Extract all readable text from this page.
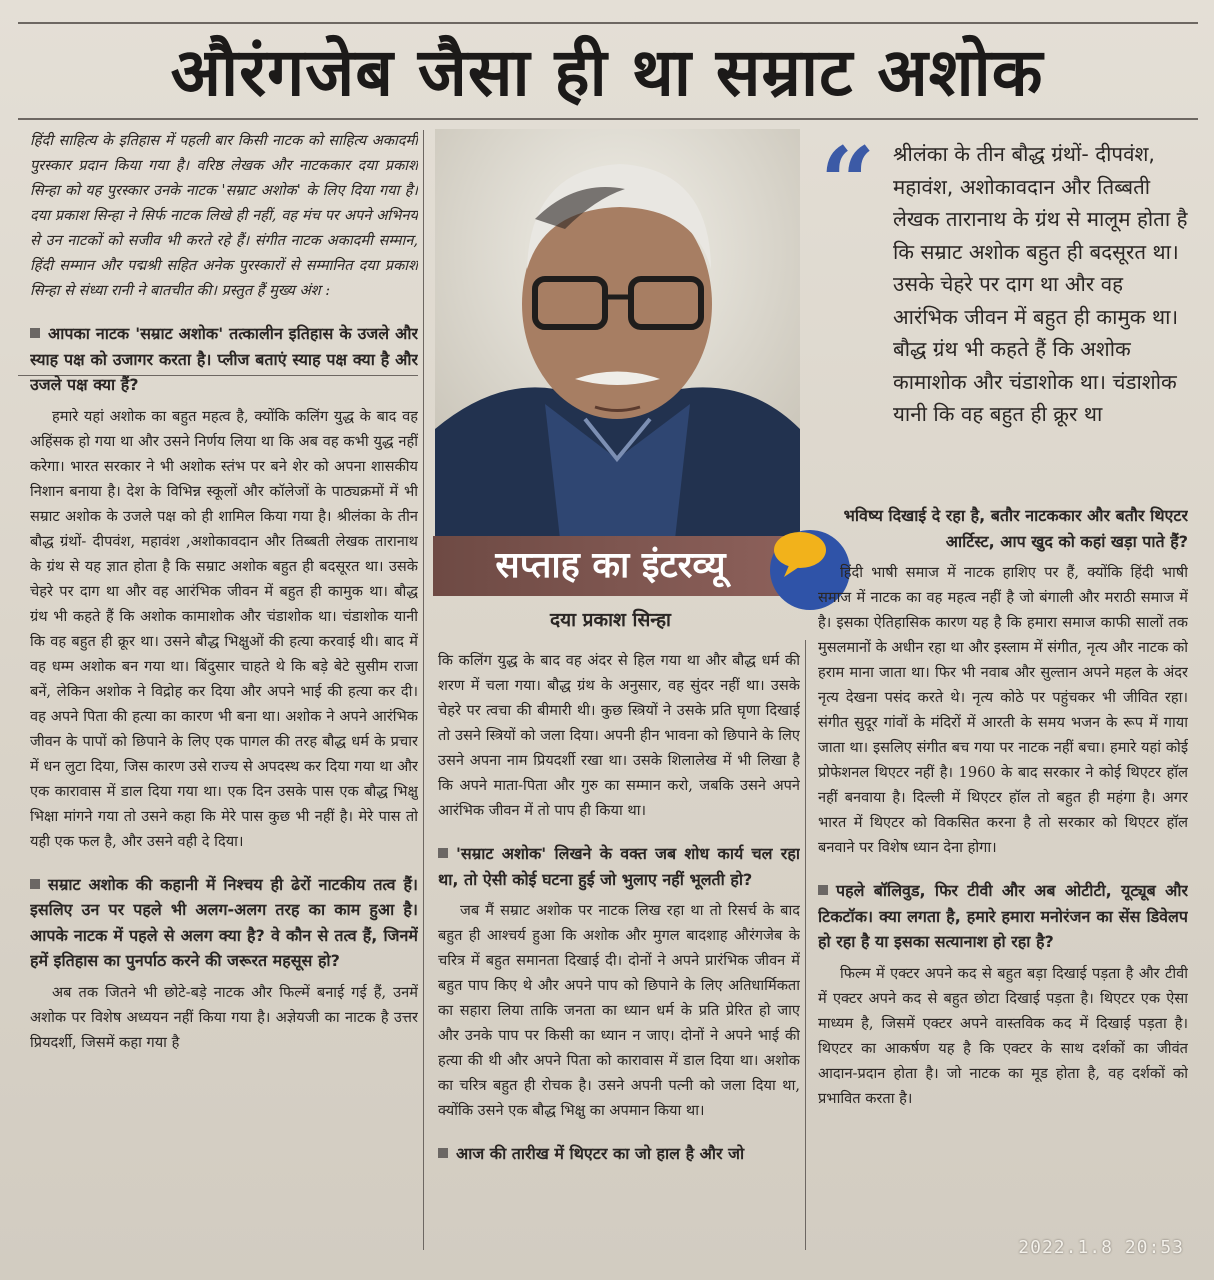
औरंगजेब जैसा ही था सम्राट अशोक

हिंदी साहित्य के इतिहास में पहली बार किसी नाटक को साहित्य अकादमी पुरस्कार प्रदान किया गया है। वरिष्ठ लेखक और नाटककार दया प्रकाश सिन्हा को यह पुरस्कार उनके नाटक 'सम्राट अशोक' के लिए दिया गया है। दया प्रकाश सिन्हा ने सिर्फ नाटक लिखे ही नहीं, वह मंच पर अपने अभिनय से उन नाटकों को सजीव भी करते रहे हैं। संगीत नाटक अकादमी सम्मान, हिंदी सम्मान और पद्मश्री सहित अनेक पुरस्कारों से सम्मानित दया प्रकाश सिन्हा से संध्या रानी ने बातचीत की। प्रस्तुत हैं मुख्य अंश :

आपका नाटक 'सम्राट अशोक' तत्कालीन इतिहास के उजले और स्याह पक्ष को उजागर करता है। प्लीज बताएं स्याह पक्ष क्या है और उजले पक्ष क्या हैं?

हमारे यहां अशोक का बहुत महत्व है, क्योंकि कलिंग युद्ध के बाद वह अहिंसक हो गया था और उसने निर्णय लिया था कि अब वह कभी युद्ध नहीं करेगा। भारत सरकार ने भी अशोक स्तंभ पर बने शेर को अपना शासकीय निशान बनाया है। देश के विभिन्न स्कूलों और कॉलेजों के पाठ्यक्रमों में भी सम्राट अशोक के उजले पक्ष को ही शामिल किया गया है। श्रीलंका के तीन बौद्ध ग्रंथों- दीपवंश, महावंश ,अशोकावदान और तिब्बती लेखक तारानाथ के ग्रंथ से यह ज्ञात होता है कि सम्राट अशोक बहुत ही बदसूरत था। उसके चेहरे पर दाग था और वह आरंभिक जीवन में बहुत ही कामुक था। बौद्ध ग्रंथ भी कहते हैं कि अशोक कामाशोक और चंडाशोक था। चंडाशोक यानी कि वह बहुत ही क्रूर था। उसने बौद्ध भिक्षुओं की हत्या करवाई थी। बाद में वह धम्म अशोक बन गया था। बिंदुसार चाहते थे कि बड़े बेटे सुसीम राजा बनें, लेकिन अशोक ने विद्रोह कर दिया और अपने भाई की हत्या कर दी। वह अपने पिता की हत्या का कारण भी बना था। अशोक ने अपने आरंभिक जीवन के पापों को छिपाने के लिए एक पागल की तरह बौद्ध धर्म के प्रचार में धन लुटा दिया, जिस कारण उसे राज्य से अपदस्थ कर दिया गया था और एक कारावास में डाल दिया गया था। एक दिन उसके पास एक बौद्ध भिक्षु भिक्षा मांगने गया तो उसने कहा कि मेरे पास कुछ भी नहीं है। मेरे पास तो यही एक फल है, और उसने वही दे दिया।

सम्राट अशोक की कहानी में निश्चय ही ढेरों नाटकीय तत्व हैं। इसलिए उन पर पहले भी अलग-अलग तरह का काम हुआ है। आपके नाटक में पहले से अलग क्या है? वे कौन से तत्व हैं, जिनमें हमें इतिहास का पुनर्पाठ करने की जरूरत महसूस हो?

अब तक जितने भी छोटे-बड़े नाटक और फिल्में बनाई गई हैं, उनमें अशोक पर विशेष अध्ययन नहीं किया गया है। अज्ञेयजी का नाटक है उत्तर प्रियदर्शी, जिसमें कहा गया है

सप्ताह का इंटरव्यू
दया प्रकाश सिन्हा

कि कलिंग युद्ध के बाद वह अंदर से हिल गया था और बौद्ध धर्म की शरण में चला गया। बौद्ध ग्रंथ के अनुसार, वह सुंदर नहीं था। उसके चेहरे पर त्वचा की बीमारी थी। कुछ स्त्रियों ने उसके प्रति घृणा दिखाई तो उसने स्त्रियों को जला दिया। अपनी हीन भावना को छिपाने के लिए उसने अपना नाम प्रियदर्शी रखा था। उसके शिलालेख में भी लिखा है कि अपने माता-पिता और गुरु का सम्मान करो, जबकि उसने अपने आरंभिक जीवन में तो पाप ही किया था।

'सम्राट अशोक' लिखने के वक्त जब शोध कार्य चल रहा था, तो ऐसी कोई घटना हुई जो भुलाए नहीं भूलती हो?

जब मैं सम्राट अशोक पर नाटक लिख रहा था तो रिसर्च के बाद बहुत ही आश्चर्य हुआ कि अशोक और मुगल बादशाह औरंगजेब के चरित्र में बहुत समानता दिखाई दी। दोनों ने अपने प्रारंभिक जीवन में बहुत पाप किए थे और अपने पाप को छिपाने के लिए अतिधार्मिकता का सहारा लिया ताकि जनता का ध्यान धर्म के प्रति प्रेरित हो जाए और उनके पाप पर किसी का ध्यान न जाए। दोनों ने अपने भाई की हत्या की थी और अपने पिता को कारावास में डाल दिया था। अशोक का चरित्र बहुत ही रोचक है। उसने अपनी पत्नी को जला दिया था, क्योंकि उसने एक बौद्ध भिक्षु का अपमान किया था।

आज की तारीख में थिएटर का जो हाल है और जो
“ श्रीलंका के तीन बौद्ध ग्रंथों- दीपवंश, महावंश, अशोकावदान और तिब्बती लेखक तारानाथ के ग्रंथ से मालूम होता है कि सम्राट अशोक बहुत ही बदसूरत था। उसके चेहरे पर दाग था और वह आरंभिक जीवन में बहुत ही कामुक था। बौद्ध ग्रंथ भी कहते हैं कि अशोक कामाशोक और चंडाशोक था। चंडाशोक यानी कि वह बहुत ही क्रूर था
भविष्य दिखाई दे रहा है, बतौर नाटककार और बतौर थिएटर आर्टिस्ट, आप खुद को कहां खड़ा पाते हैं?

हिंदी भाषी समाज में नाटक हाशिए पर हैं, क्योंकि हिंदी भाषी समाज में नाटक का वह महत्व नहीं है जो बंगाली और मराठी समाज में है। इसका ऐतिहासिक कारण यह है कि हमारा समाज काफी सालों तक मुसलमानों के अधीन रहा था और इस्लाम में संगीत, नृत्य और नाटक को हराम माना जाता था। फिर भी नवाब और सुल्तान अपने महल के अंदर नृत्य देखना पसंद करते थे। नृत्य कोठे पर पहुंचकर भी जीवित रहा। संगीत सुदूर गांवों के मंदिरों में आरती के समय भजन के रूप में गाया जाता था। इसलिए संगीत बच गया पर नाटक नहीं बचा। हमारे यहां कोई प्रोफेशनल थिएटर नहीं है। 1960 के बाद सरकार ने कोई थिएटर हॉल नहीं बनवाया है। दिल्ली में थिएटर हॉल तो बहुत ही महंगा है। अगर भारत में थिएटर को विकसित करना है तो सरकार को थिएटर हॉल बनवाने पर विशेष ध्यान देना होगा।

पहले बॉलिवुड, फिर टीवी और अब ओटीटी, यूट्यूब और टिकटॉक। क्या लगता है, हमारे हमारा मनोरंजन का सेंस डिवेलप हो रहा है या इसका सत्यानाश हो रहा है?

फिल्म में एक्टर अपने कद से बहुत बड़ा दिखाई पड़ता है और टीवी में एक्टर अपने कद से बहुत छोटा दिखाई पड़ता है। थिएटर एक ऐसा माध्यम है, जिसमें एक्टर अपने वास्तविक कद में दिखाई पड़ता है। थिएटर का आकर्षण यह है कि एक्टर के साथ दर्शकों का जीवंत आदान-प्रदान होता है। जो नाटक का मूड होता है, वह दर्शकों को प्रभावित करता है।

2022.1.8 20:53
